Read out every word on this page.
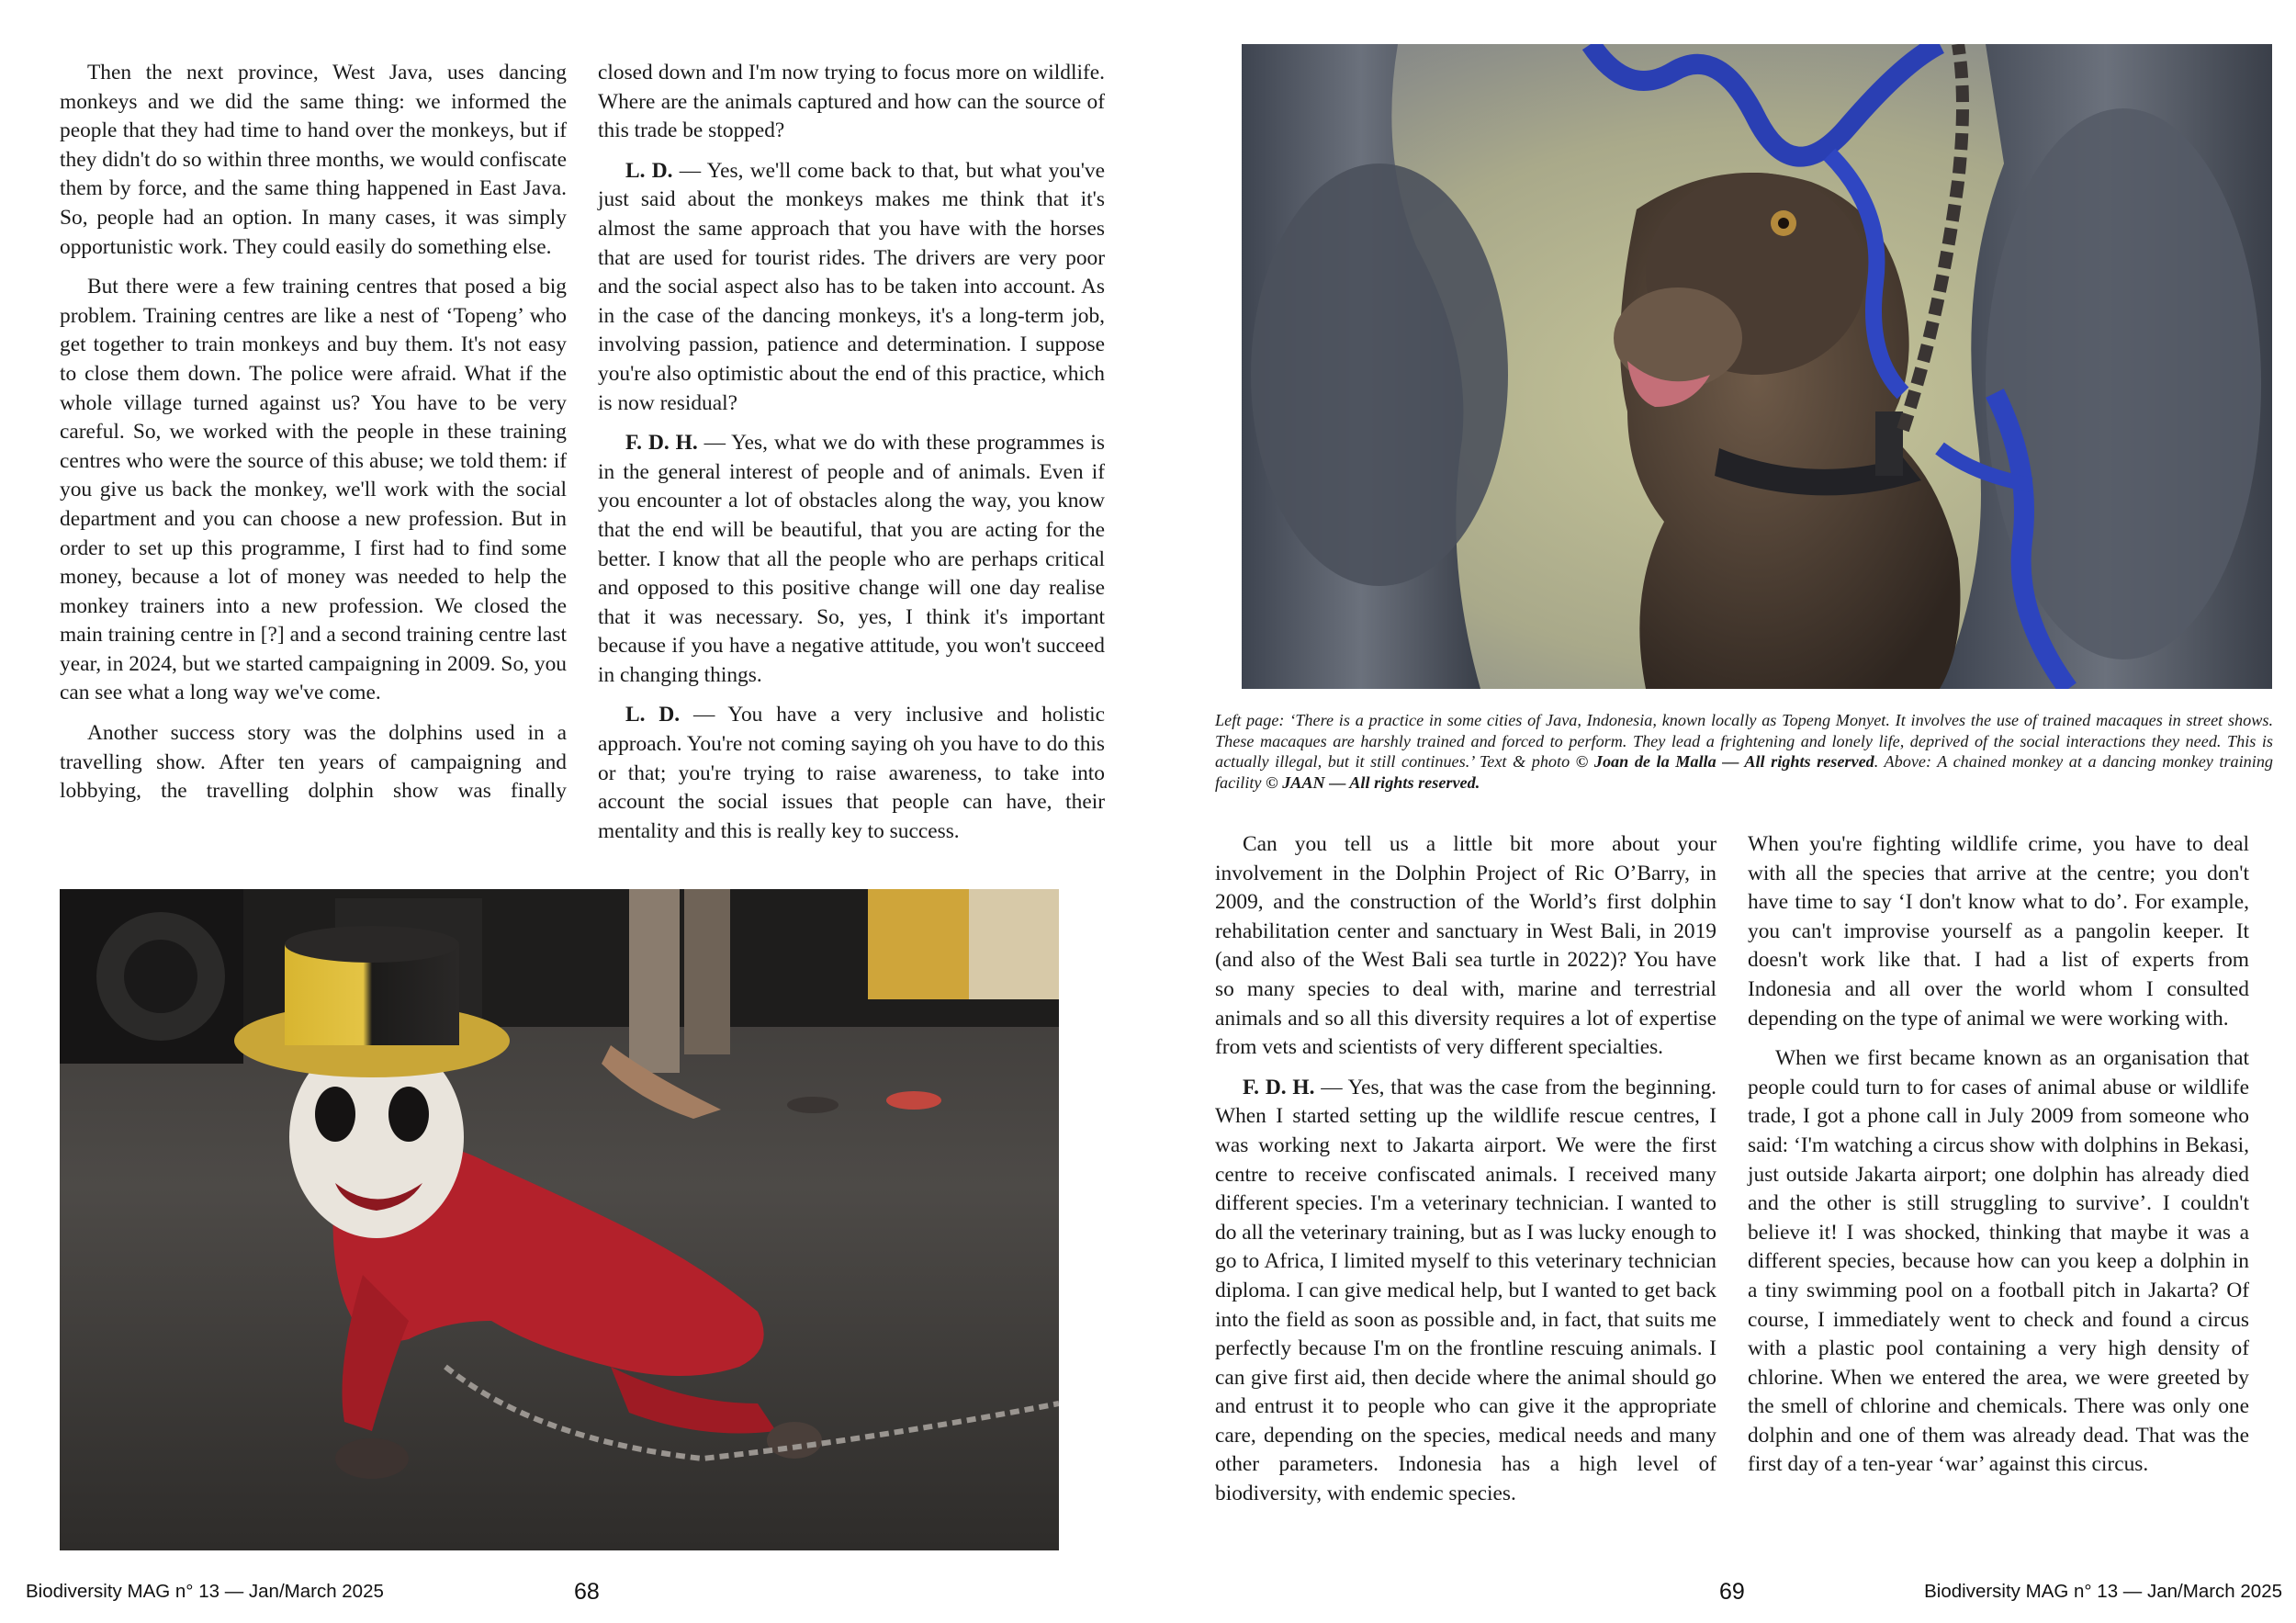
Then the next province, West Java, uses dancing monkeys and we did the same thing: we informed the people that they had time to hand over the monkeys, but if they didn't do so within three months, we would confiscate them by force, and the same thing happened in East Java. So, people had an option. In many cases, it was simply opportunistic work. They could easily do something else.

But there were a few training centres that posed a big problem. Training centres are like a nest of ‘Topeng’ who get together to train monkeys and buy them. It's not easy to close them down. The police were afraid. What if the whole village turned against us? You have to be very careful. So, we worked with the people in these training centres who were the source of this abuse; we told them: if you give us back the monkey, we'll work with the social department and you can choose a new profession. But in order to set up this programme, I first had to find some money, because a lot of money was needed to help the monkey trainers into a new profession. We closed the main training centre in [?] and a second training centre last year, in 2024, but we started campaigning in 2009. So, you can see what a long way we've come.

Another success story was the dolphins used in a travelling show. After ten years of campaigning and lobbying, the travelling dolphin show was finally

closed down and I'm now trying to focus more on wildlife. Where are the animals captured and how can the source of this trade be stopped?

L. D. — Yes, we'll come back to that, but what you've just said about the monkeys makes me think that it's almost the same approach that you have with the horses that are used for tourist rides. The drivers are very poor and the social aspect also has to be taken into account. As in the case of the dancing monkeys, it's a long-term job, involving passion, patience and determination. I suppose you're also optimistic about the end of this practice, which is now residual?

F. D. H. — Yes, what we do with these programmes is in the general interest of people and of animals. Even if you encounter a lot of obstacles along the way, you know that the end will be beautiful, that you are acting for the better. I know that all the people who are perhaps critical and opposed to this positive change will one day realise that it was necessary. So, yes, I think it's important because if you have a negative attitude, you won't succeed in changing things.

L. D. — You have a very inclusive and holistic approach. You're not coming saying oh you have to do this or that; you're trying to raise awareness, to take into account the social issues that people can have, their mentality and this is really key to success.

Biodiversity MAG n° 13 — Jan/March 2025	68
Left page: ‘There is a practice in some cities of Java, Indonesia, known locally as Topeng Monyet. It involves the use of trained macaques in street shows. These macaques are harshly trained and forced to perform. They lead a frightening and lonely life, deprived of the social interactions they need. This is actually illegal, but it still continues.’ Text & photo © Joan de la Malla — All rights reserved. Above: A chained monkey at a dancing monkey training facility © JAAN — All rights reserved.

Can you tell us a little bit more about your involvement in the Dolphin Project of Ric O’Barry, in 2009, and the construction of the World’s first dolphin rehabilitation center and sanctuary in West Bali, in 2019 (and also of the West Bali sea turtle in 2022)? You have so many species to deal with, marine and terrestrial animals and so all this diversity requires a lot of expertise from vets and scientists of very different specialties.

F. D. H. — Yes, that was the case from the beginning. When I started setting up the wildlife rescue centres, I was working next to Jakarta airport. We were the first centre to receive confiscated animals. I received many different species. I'm a veterinary technician. I wanted to do all the veterinary training, but as I was lucky enough to go to Africa, I limited myself to this veterinary technician diploma. I can give medical help, but I wanted to get back into the field as soon as possible and, in fact, that suits me perfectly because I'm on the frontline rescuing animals. I can give first aid, then decide where the animal should go and entrust it to people who can give it the appropriate care, depending on the species, medical needs and many other parameters. Indonesia has a high level of biodiversity, with endemic species.

When you're fighting wildlife crime, you have to deal with all the species that arrive at the centre; you don't have time to say ‘I don't know what to do’. For example, you can't improvise yourself as a pangolin keeper. It doesn't work like that. I had a list of experts from Indonesia and all over the world whom I consulted depending on the type of animal we were working with.

When we first became known as an organisation that people could turn to for cases of animal abuse or wildlife trade, I got a phone call in July 2009 from someone who said: ‘I'm watching a circus show with dolphins in Bekasi, just outside Jakarta airport; one dolphin has already died and the other is still struggling to survive’. I couldn't believe it! I was shocked, thinking that maybe it was a different species, because how can you keep a dolphin in a tiny swimming pool on a football pitch in Jakarta? Of course, I immediately went to check and found a circus with a plastic pool containing a very high density of chlorine. When we entered the area, we were greeted by the smell of chlorine and chemicals. There was only one dolphin and one of them was already dead. That was the first day of a ten-year ‘war’ against this circus.

69	Biodiversity MAG n° 13 — Jan/March 2025
